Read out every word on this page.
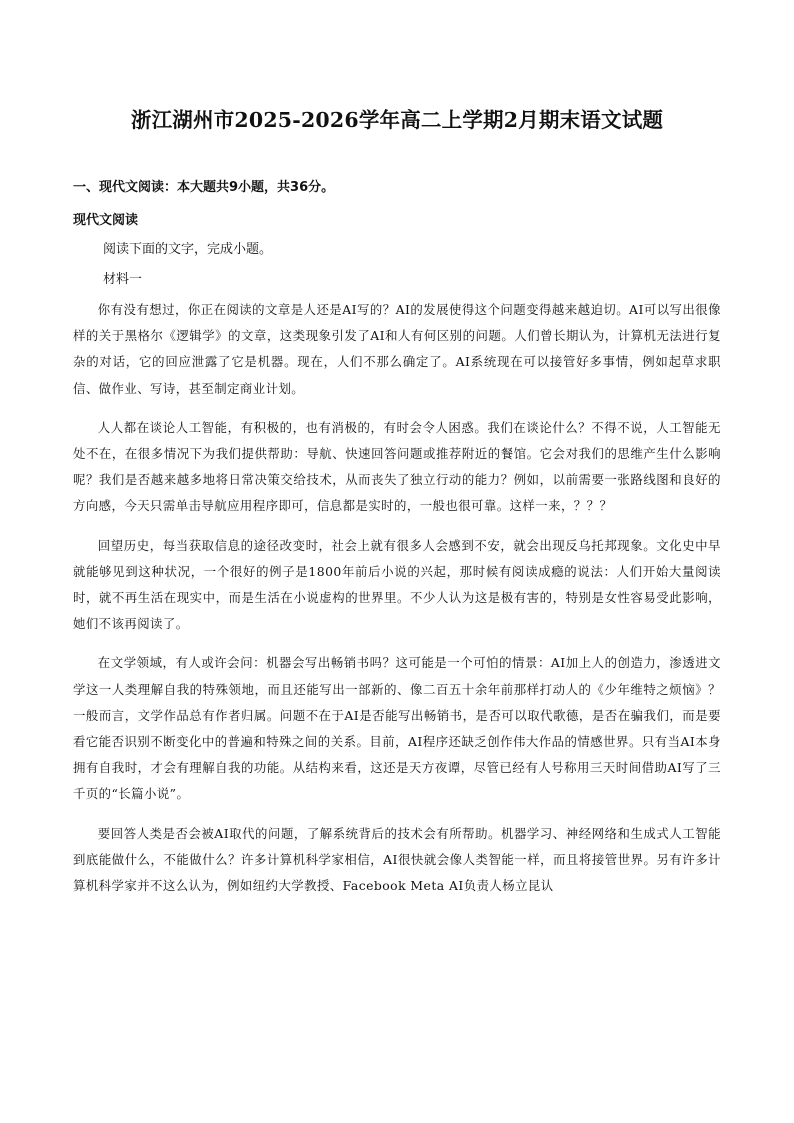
浙江湖州市2025-2026学年高二上学期2月期末语文试题

一、现代文阅读：本大题共9小题，共36分。

现代文阅读

阅读下面的文字，完成小题。

材料一

你有没有想过，你正在阅读的文章是人还是AI写的？AI的发展使得这个问题变得越来越迫切。AI可以写出很像样的关于黑格尔《逻辑学》的文章，这类现象引发了AI和人有何区别的问题。人们曾长期认为，计算机无法进行复杂的对话，它的回应泄露了它是机器。现在，人们不那么确定了。AI系统现在可以接管好多事情，例如起草求职信、做作业、写诗，甚至制定商业计划。

人人都在谈论人工智能，有积极的，也有消极的，有时会令人困惑。我们在谈论什么？不得不说，人工智能无处不在，在很多情况下为我们提供帮助：导航、快速回答问题或推荐附近的餐馆。它会对我们的思维产生什么影响呢？我们是否越来越多地将日常决策交给技术，从而丧失了独立行动的能力？例如，以前需要一张路线图和良好的方向感，今天只需单击导航应用程序即可，信息都是实时的，一般也很可靠。这样一来，？？？

回望历史，每当获取信息的途径改变时，社会上就有很多人会感到不安，就会出现反乌托邦现象。文化史中早就能够见到这种状况，一个很好的例子是1800年前后小说的兴起，那时候有阅读成瘾的说法：人们开始大量阅读时，就不再生活在现实中，而是生活在小说虚构的世界里。不少人认为这是极有害的，特别是女性容易受此影响，她们不该再阅读了。

在文学领域，有人或许会问：机器会写出畅销书吗？这可能是一个可怕的情景：AI加上人的创造力，渗透进文学这一人类理解自我的特殊领地，而且还能写出一部新的、像二百五十余年前那样打动人的《少年维特之烦恼》？一般而言，文学作品总有作者归属。问题不在于AI是否能写出畅销书，是否可以取代歌德，是否在骗我们，而是要看它能否识别不断变化中的普遍和特殊之间的关系。目前，AI程序还缺乏创作伟大作品的情感世界。只有当AI本身拥有自我时，才会有理解自我的功能。从结构来看，这还是天方夜谭，尽管已经有人号称用三天时间借助AI写了三千页的“长篇小说”。

要回答人类是否会被AI取代的问题，了解系统背后的技术会有所帮助。机器学习、神经网络和生成式人工智能到底能做什么，不能做什么？许多计算机科学家相信，AI很快就会像人类智能一样，而且将接管世界。另有许多计算机科学家并不这么认为，例如纽约大学教授、Facebook Meta AI负责人杨立昆认
